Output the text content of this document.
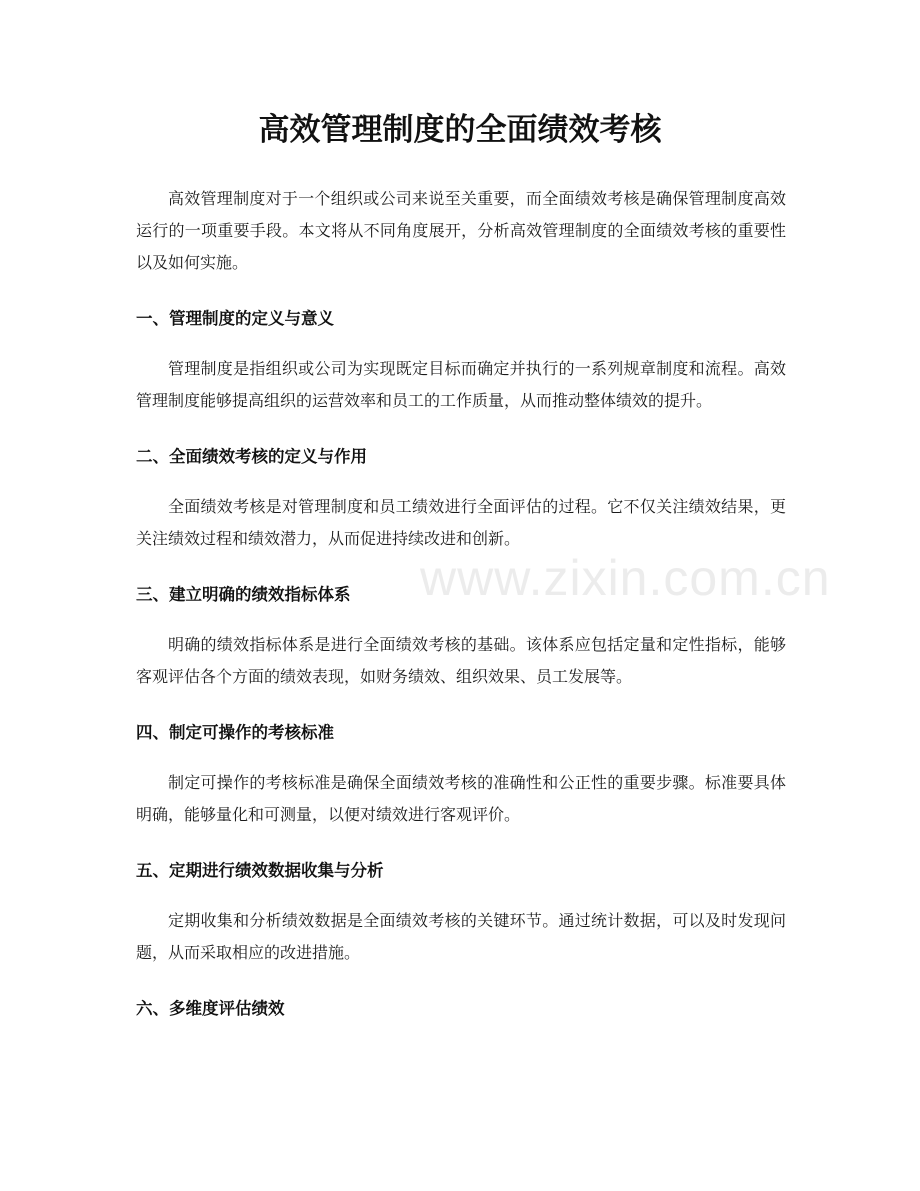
高效管理制度的全面绩效考核

高效管理制度对于一个组织或公司来说至关重要，而全面绩效考核是确保管理制度高效运行的一项重要手段。本文将从不同角度展开，分析高效管理制度的全面绩效考核的重要性以及如何实施。

一、管理制度的定义与意义

管理制度是指组织或公司为实现既定目标而确定并执行的一系列规章制度和流程。高效管理制度能够提高组织的运营效率和员工的工作质量，从而推动整体绩效的提升。

二、全面绩效考核的定义与作用

全面绩效考核是对管理制度和员工绩效进行全面评估的过程。它不仅关注绩效结果，更关注绩效过程和绩效潜力，从而促进持续改进和创新。

三、建立明确的绩效指标体系

明确的绩效指标体系是进行全面绩效考核的基础。该体系应包括定量和定性指标，能够客观评估各个方面的绩效表现，如财务绩效、组织效果、员工发展等。

四、制定可操作的考核标准

制定可操作的考核标准是确保全面绩效考核的准确性和公正性的重要步骤。标准要具体明确，能够量化和可测量，以便对绩效进行客观评价。

五、定期进行绩效数据收集与分析

定期收集和分析绩效数据是全面绩效考核的关键环节。通过统计数据，可以及时发现问题，从而采取相应的改进措施。

六、多维度评估绩效
www.zixin.com.cn
